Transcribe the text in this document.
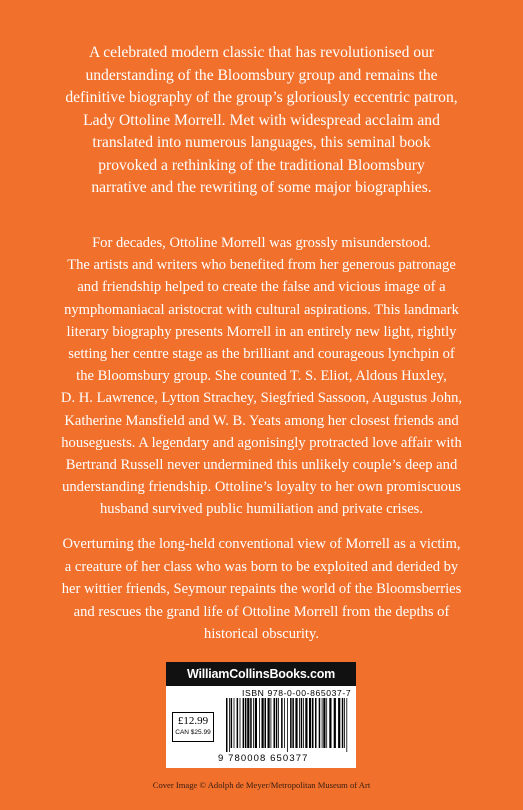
A celebrated modern classic that has revolutionised our
understanding of the Bloomsbury group and remains the
definitive biography of the group’s gloriously eccentric patron,
Lady Ottoline Morrell. Met with widespread acclaim and
translated into numerous languages, this seminal book
provoked a rethinking of the traditional Bloomsbury
narrative and the rewriting of some major biographies.

For decades, Ottoline Morrell was grossly misunderstood.
The artists and writers who benefited from her generous patronage
and friendship helped to create the false and vicious image of a
nymphomaniacal aristocrat with cultural aspirations. This landmark
literary biography presents Morrell in an entirely new light, rightly
setting her centre stage as the brilliant and courageous lynchpin of
the Bloomsbury group. She counted T. S. Eliot, Aldous Huxley,
D. H. Lawrence, Lytton Strachey, Siegfried Sassoon, Augustus John,
Katherine Mansfield and W. B. Yeats among her closest friends and
houseguests. A legendary and agonisingly protracted love affair with
Bertrand Russell never undermined this unlikely couple’s deep and
understanding friendship. Ottoline’s loyalty to her own promiscuous
husband survived public humiliation and private crises.

Overturning the long-held conventional view of Morrell as a victim,
a creature of her class who was born to be exploited and derided by
her wittier friends, Seymour repaints the world of the Bloomsberries
and rescues the grand life of Ottoline Morrell from the depths of
historical obscurity.

WilliamCollinsBooks.com
ISBN 978-0-00-865037-7
£12.99
CAN $25.99
9 780008 650377
Cover Image © Adolph de Meyer/Metropolitan Museum of Art
